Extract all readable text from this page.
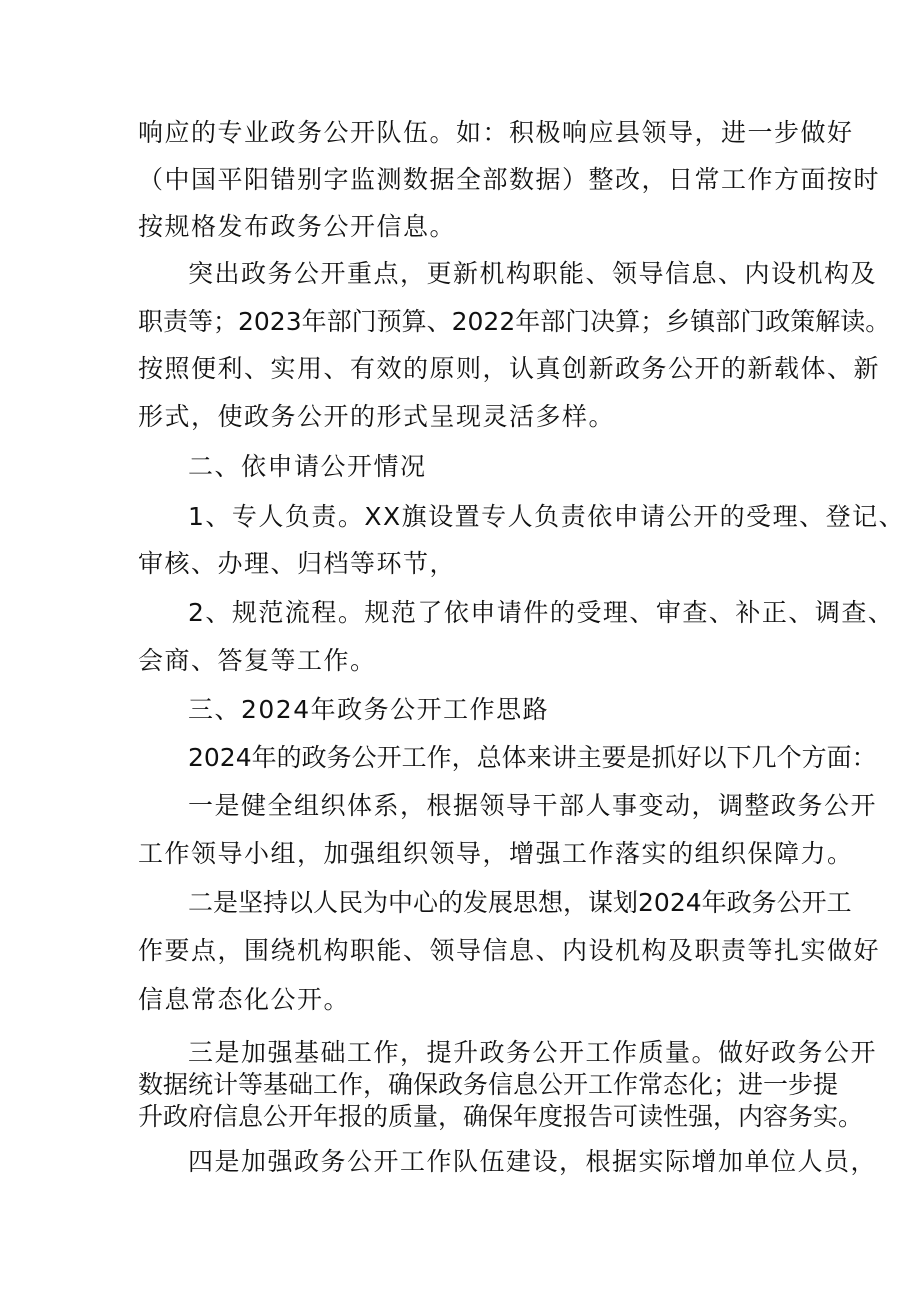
响应的专业政务公开队伍。如：积极响应县领导，进一步做好
（中国平阳错别字监测数据全部数据）整改，日常工作方面按时
按规格发布政务公开信息。
突出政务公开重点，更新机构职能、领导信息、内设机构及
职责等；2023年部门预算、2022年部门决算；乡镇部门政策解读。
按照便利、实用、有效的原则，认真创新政务公开的新载体、新
形式，使政务公开的形式呈现灵活多样。
二、依申请公开情况
1、专人负责。XX旗设置专人负责依申请公开的受理、登记、
审核、办理、归档等环节，
2、规范流程。规范了依申请件的受理、审查、补正、调查、
会商、答复等工作。
三、2024年政务公开工作思路
2024年的政务公开工作，总体来讲主要是抓好以下几个方面：
一是健全组织体系，根据领导干部人事变动，调整政务公开
工作领导小组，加强组织领导，增强工作落实的组织保障力。
二是坚持以人民为中心的发展思想，谋划2024年政务公开工
作要点，围绕机构职能、领导信息、内设机构及职责等扎实做好
信息常态化公开。
三是加强基础工作，提升政务公开工作质量。做好政务公开
数据统计等基础工作，确保政务信息公开工作常态化；进一步提
升政府信息公开年报的质量，确保年度报告可读性强，内容务实。
四是加强政务公开工作队伍建设，根据实际增加单位人员，
